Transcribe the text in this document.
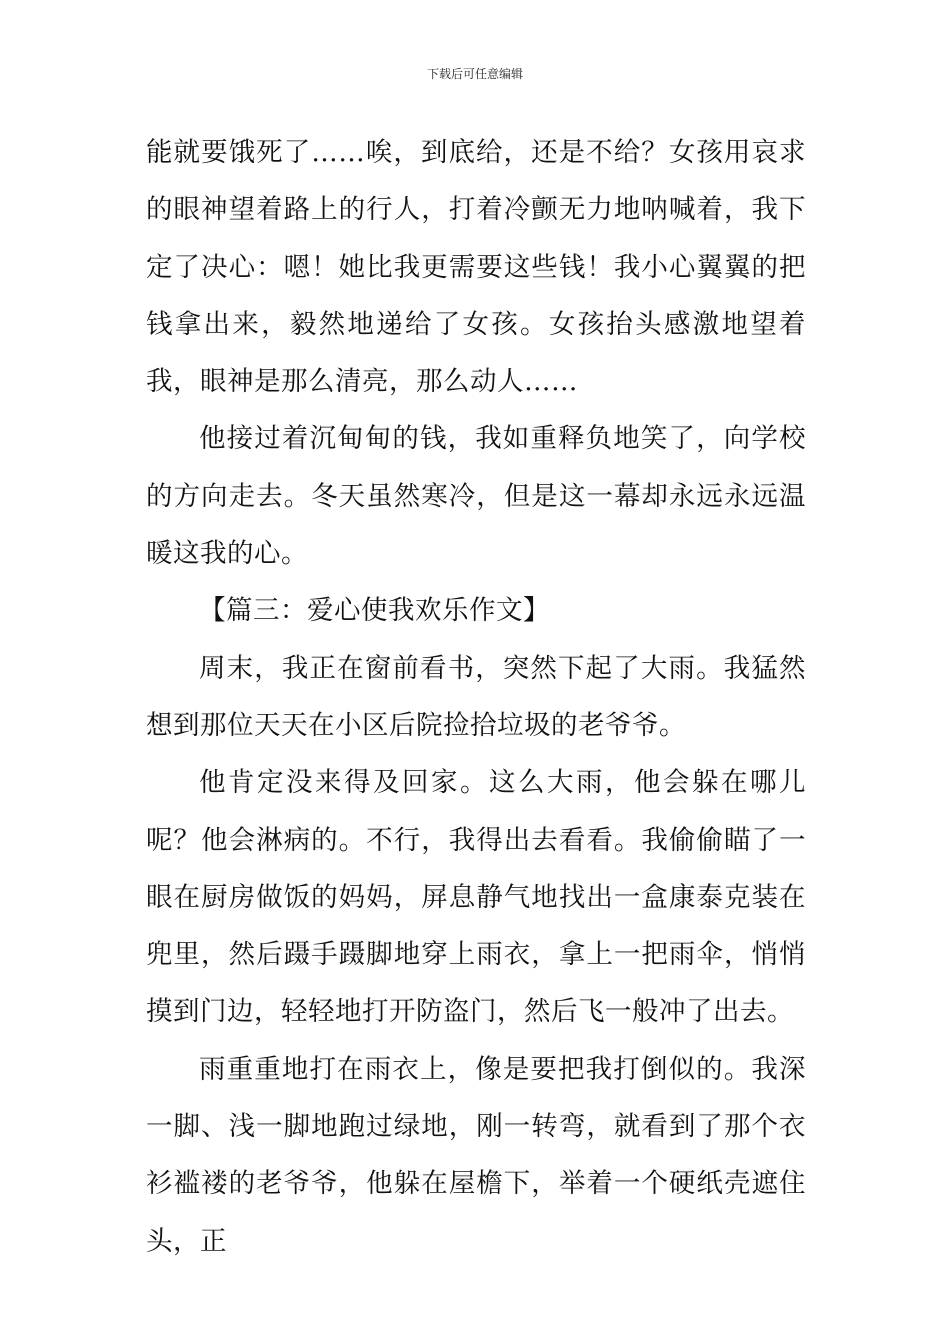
下载后可任意编辑

能就要饿死了……唉，到底给，还是不给？女孩用哀求的眼神望着路上的行人，打着冷颤无力地呐喊着，我下定了决心：嗯！她比我更需要这些钱！我小心翼翼的把钱拿出来，毅然地递给了女孩。女孩抬头感激地望着我，眼神是那么清亮，那么动人……

他接过着沉甸甸的钱，我如重释负地笑了，向学校的方向走去。冬天虽然寒冷，但是这一幕却永远永远温暖这我的心。

【篇三：爱心使我欢乐作文】

周末，我正在窗前看书，突然下起了大雨。我猛然想到那位天天在小区后院捡拾垃圾的老爷爷。

他肯定没来得及回家。这么大雨，他会躲在哪儿呢？他会淋病的。不行，我得出去看看。我偷偷瞄了一眼在厨房做饭的妈妈，屏息静气地找出一盒康泰克装在兜里，然后蹑手蹑脚地穿上雨衣，拿上一把雨伞，悄悄摸到门边，轻轻地打开防盗门，然后飞一般冲了出去。

雨重重地打在雨衣上，像是要把我打倒似的。我深一脚、浅一脚地跑过绿地，刚一转弯，就看到了那个衣衫褴褛的老爷爷，他躲在屋檐下，举着一个硬纸壳遮住头，正
